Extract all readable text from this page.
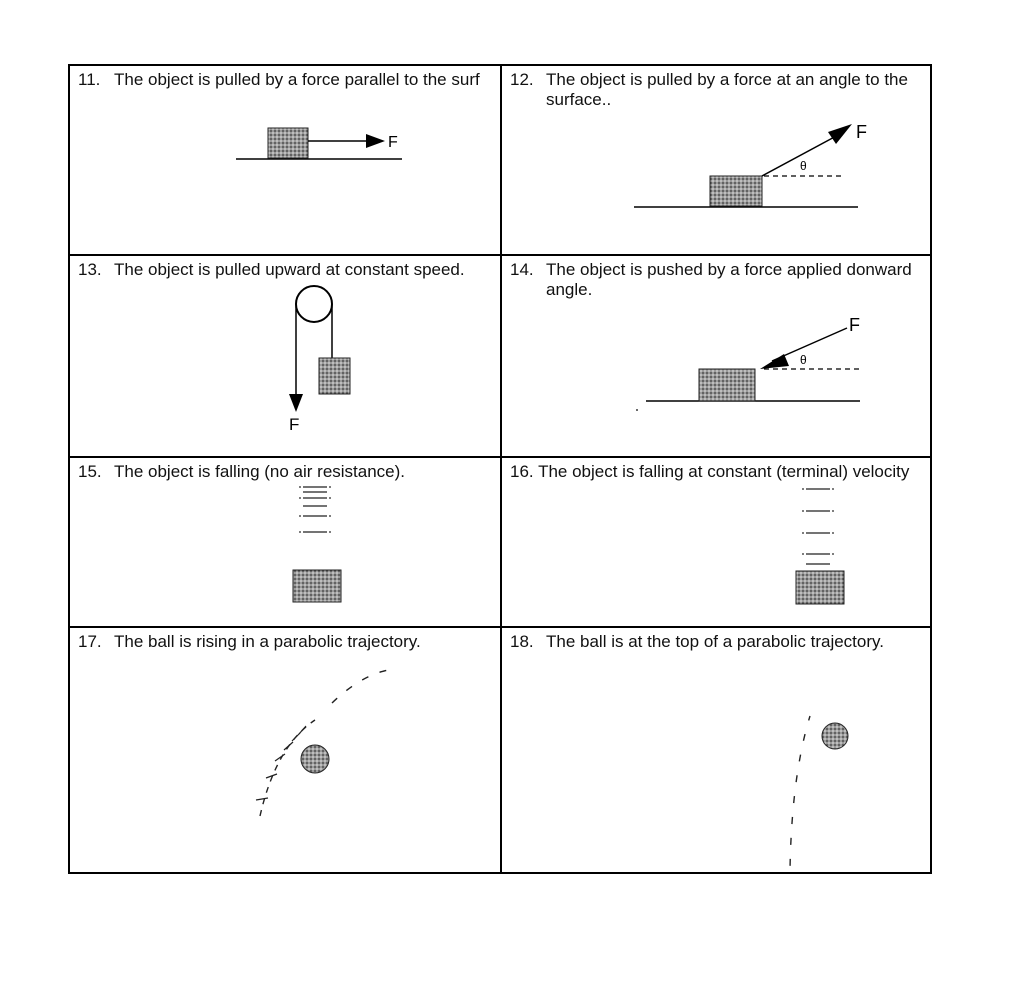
11. The object is pulled by a force parallel to the surf
F
12. The object is pulled by a force at an angle to the
surface..
θ
F
13. The object is pulled upward at constant speed.
F
14. The object is pushed by a force applied donward
angle.
θ
F
15. The object is falling (no air resistance).	16. The object is falling at constant (terminal) velocity
17. The ball is rising in a parabolic trajectory.	18. The ball is at the top of a parabolic trajectory.
